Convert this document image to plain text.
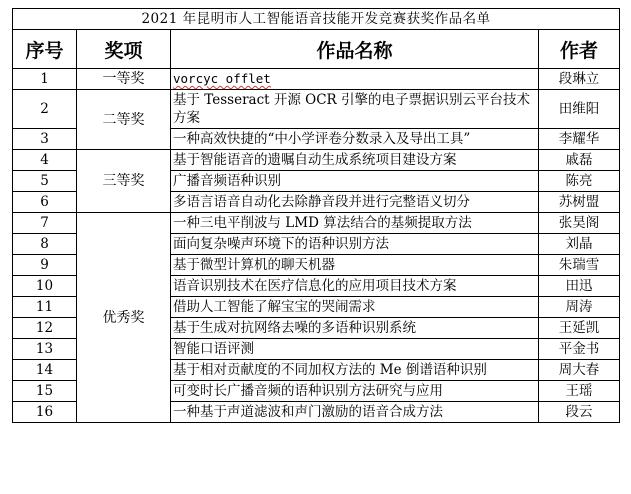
2021 年昆明市人工智能语音技能开发竞赛获奖作品名单			
序号	奖项	作品名称	作者
1	一等奖	vorcyc offlet	段琳立
2	二等奖	基于 Tesseract 开源 OCR 引擎的电子票据识别云平台技术方案	田维阳
3		一种高效快捷的“中小学评卷分数录入及导出工具”	李耀华
4	三等奖	基于智能语音的遗嘱自动生成系统项目建设方案	戚磊
5		广播音频语种识别	陈亮
6		多语言语音自动化去除静音段并进行完整语义切分	苏树盟
7	优秀奖	一种三电平削波与 LMD 算法结合的基频提取方法	张昊阁
8		面向复杂噪声环境下的语种识别方法	刘晶
9		基于微型计算机的聊天机器	朱瑞雪
10		语音识别技术在医疗信息化的应用项目技术方案	田迅
11		借助人工智能了解宝宝的哭闹需求	周涛
12		基于生成对抗网络去噪的多语种识别系统	王延凯
13		智能口语评测	平金书
14		基于相对贡献度的不同加权方法的 Me 倒谱语种识别	周大春
15		可变时长广播音频的语种识别方法研究与应用	王瑶
16		一种基于声道滤波和声门激励的语音合成方法	段云
